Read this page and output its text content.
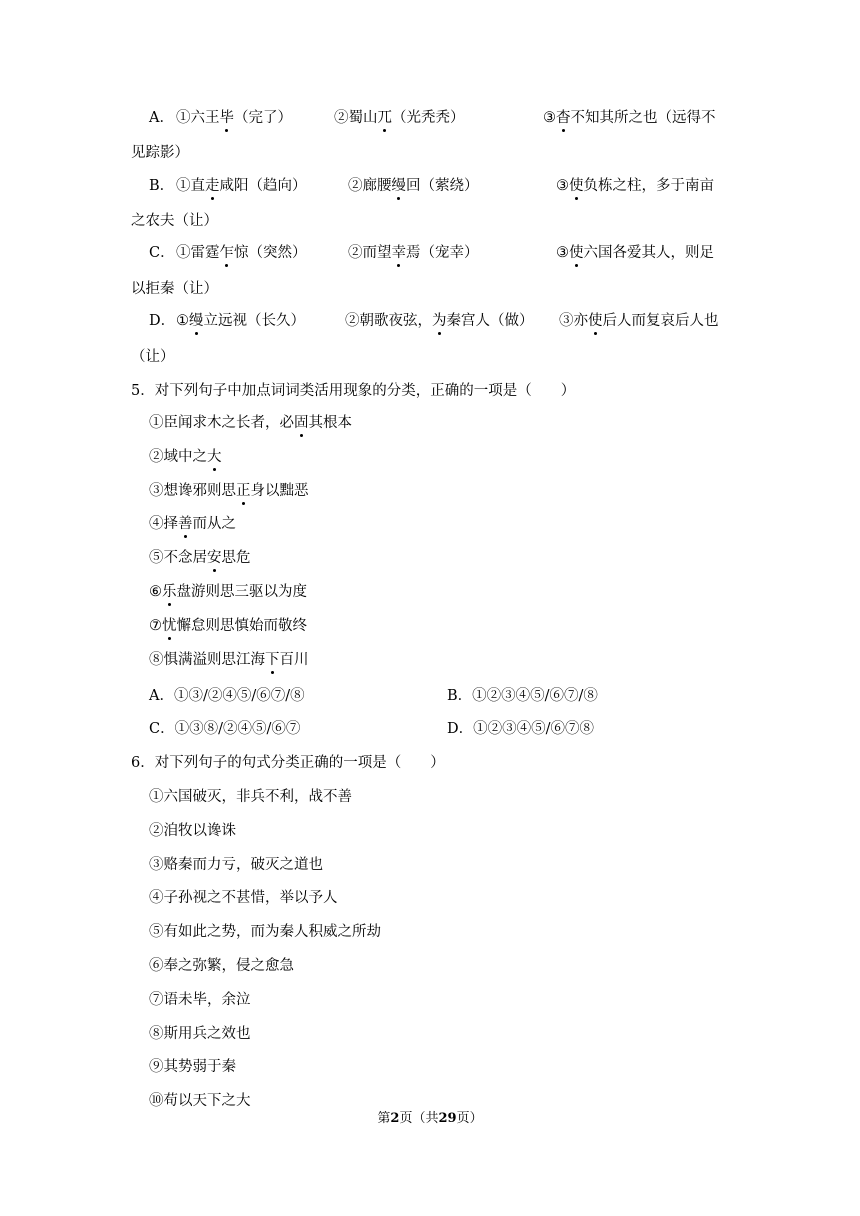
A． ①六王毕（完了）	②蜀山兀（光秃秃）	③杳不知其所之也（远得不
见踪影）
B． ①直走咸阳（趋向）	②廊腰缦回（萦绕）	③使负栋之柱，多于南亩
之农夫（让）
C． ①雷霆乍惊（突然）	②而望幸焉（宠幸）	③使六国各爱其人，则足
以拒秦（让）
D． ①缦立远视（长久）	②朝歌夜弦，为秦宫人（做） ③亦使后人而复哀后人也
（让）
5．对下列句子中加点词词类活用现象的分类，正确的一项是（　　）
①臣闻求木之长者，必固其根本
②域中之大
③想谗邪则思正身以黜恶
④择善而从之
⑤不念居安思危
⑥乐盘游则思三驱以为度
⑦忧懈怠则思慎始而敬终
⑧惧满溢则思江海下百川
A．①③/②④⑤/⑥⑦/⑧	B．①②③④⑤/⑥⑦/⑧
C．①③⑧/②④⑤/⑥⑦	D．①②③④⑤/⑥⑦⑧
6．对下列句子的句式分类正确的一项是（　　）
①六国破灭，非兵不利，战不善
②洎牧以谗诛
③赂秦而力亏，破灭之道也
④子孙视之不甚惜，举以予人
⑤有如此之势，而为秦人积威之所劫
⑥奉之弥繁，侵之愈急
⑦语未毕，余泣
⑧斯用兵之效也
⑨其势弱于秦
⑩苟以天下之大
第2页（共29页）
